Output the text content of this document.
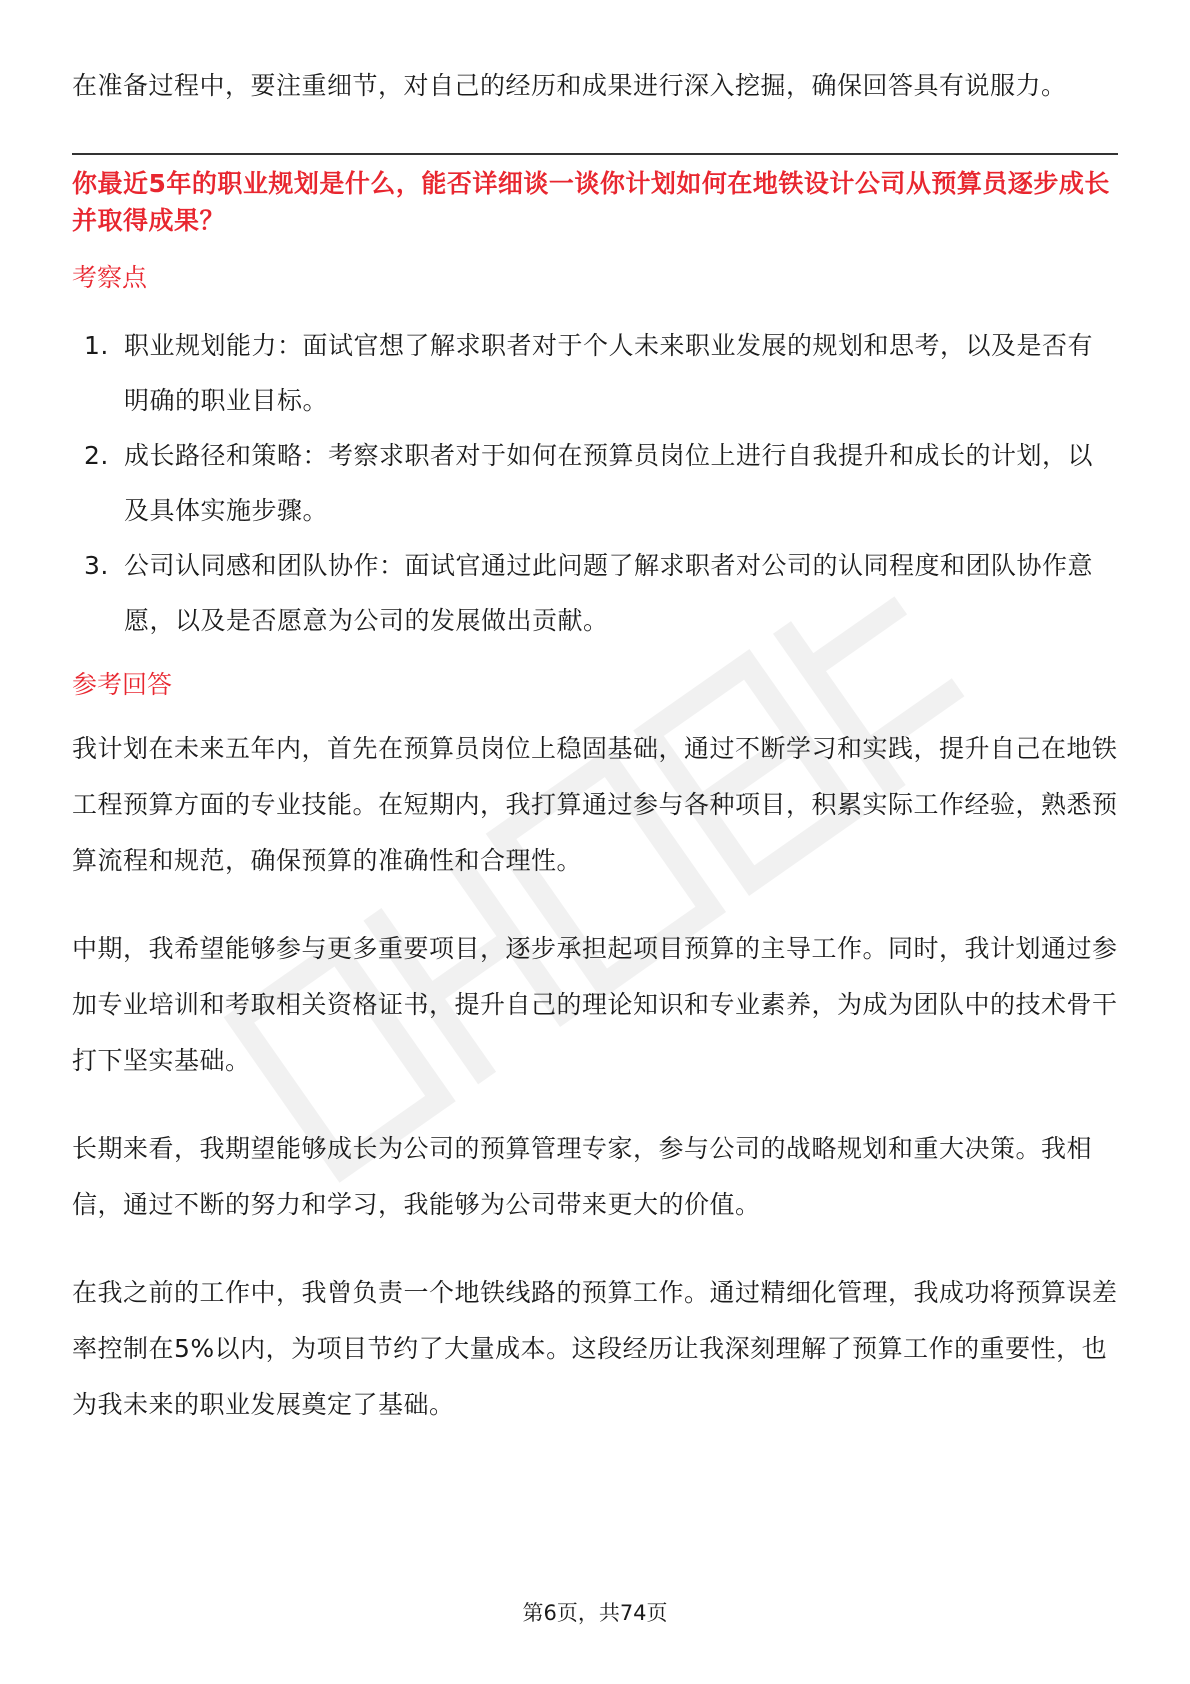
在准备过程中，要注重细节，对自己的经历和成果进行深入挖掘，确保回答具有说服力。

你最近5年的职业规划是什么，能否详细谈一谈你计划如何在地铁设计公司从预算员逐步成长并取得成果？

考察点

1. 职业规划能力：面试官想了解求职者对于个人未来职业发展的规划和思考，以及是否有明确的职业目标。
2. 成长路径和策略：考察求职者对于如何在预算员岗位上进行自我提升和成长的计划，以及具体实施步骤。
3. 公司认同感和团队协作：面试官通过此问题了解求职者对公司的认同程度和团队协作意愿，以及是否愿意为公司的发展做出贡献。

参考回答

我计划在未来五年内，首先在预算员岗位上稳固基础，通过不断学习和实践，提升自己在地铁工程预算方面的专业技能。在短期内，我打算通过参与各种项目，积累实际工作经验，熟悉预算流程和规范，确保预算的准确性和合理性。

中期，我希望能够参与更多重要项目，逐步承担起项目预算的主导工作。同时，我计划通过参加专业培训和考取相关资格证书，提升自己的理论知识和专业素养，为成为团队中的技术骨干打下坚实基础。

长期来看，我期望能够成长为公司的预算管理专家，参与公司的战略规划和重大决策。我相信，通过不断的努力和学习，我能够为公司带来更大的价值。

在我之前的工作中，我曾负责一个地铁线路的预算工作。通过精细化管理，我成功将预算误差率控制在5%以内，为项目节约了大量成本。这段经历让我深刻理解了预算工作的重要性，也为我未来的职业发展奠定了基础。

第6页，共74页
